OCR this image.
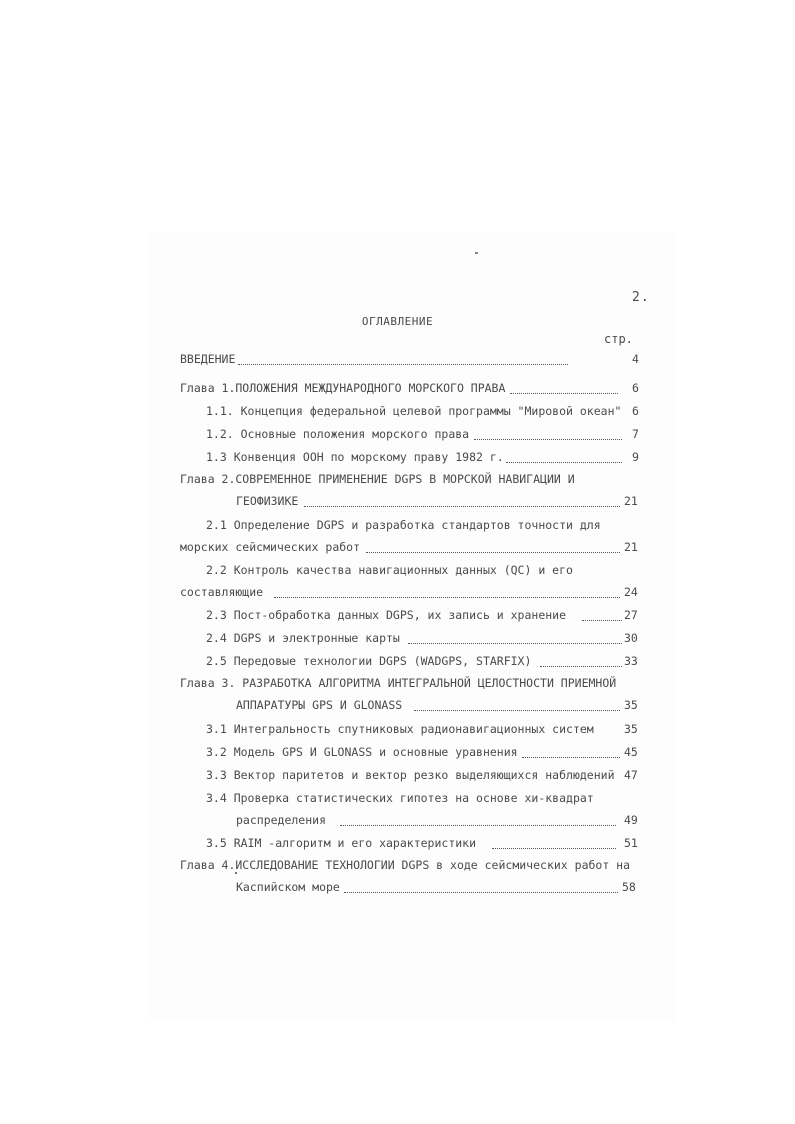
2.
ОГЛАВЛЕНИЕ
стр.
ВВЕДЕНИЕ	4
Глава 1.ПОЛОЖЕНИЯ МЕЖДУНАРОДНОГО МОРСКОГО ПРАВА	6
1.1. Концепция федеральной целевой программы "Мировой океан" 6
1.2. Основные положения морского права	7
1.3 Конвенция ООН по морскому праву 1982 г.	9
Глава 2.СОВРЕМЕННОЕ ПРИМЕНЕНИЕ DGPS В МОРСКОЙ НАВИГАЦИИ И
ГЕОФИЗИКЕ	21
2.1 Определение DGPS и разработка стандартов точности для
морских сейсмических работ	21
2.2 Контроль качества навигационных данных (QC) и его
составляющие	24
2.3 Пост-обработка данных DGPS, их запись и хранение	27
2.4 DGPS и электронные карты	30
2.5 Передовые технологии DGPS (WADGPS, STARFIX)	33
Глава 3. РАЗРАБОТКА АЛГОРИТМА ИНТЕГРАЛЬНОЙ ЦЕЛОСТНОСТИ ПРИЕМНОЙ
АППАРАТУРЫ GPS И GLONASS	35
3.1 Интегральность спутниковых радионавигационных систем	35
3.2 Модель GPS И GLONASS и основные уравнения	45
3.3 Вектор паритетов и вектор резко выделяющихся наблюдений 47
3.4 Проверка статистических гипотез на основе хи-квадрат
распределения	49
3.5 RAIM -алгоритм и его характеристики	51
Глава 4.ИССЛЕДОВАНИЕ ТЕХНОЛОГИИ DGPS в ходе сейсмических работ на
Каспийском море	58
